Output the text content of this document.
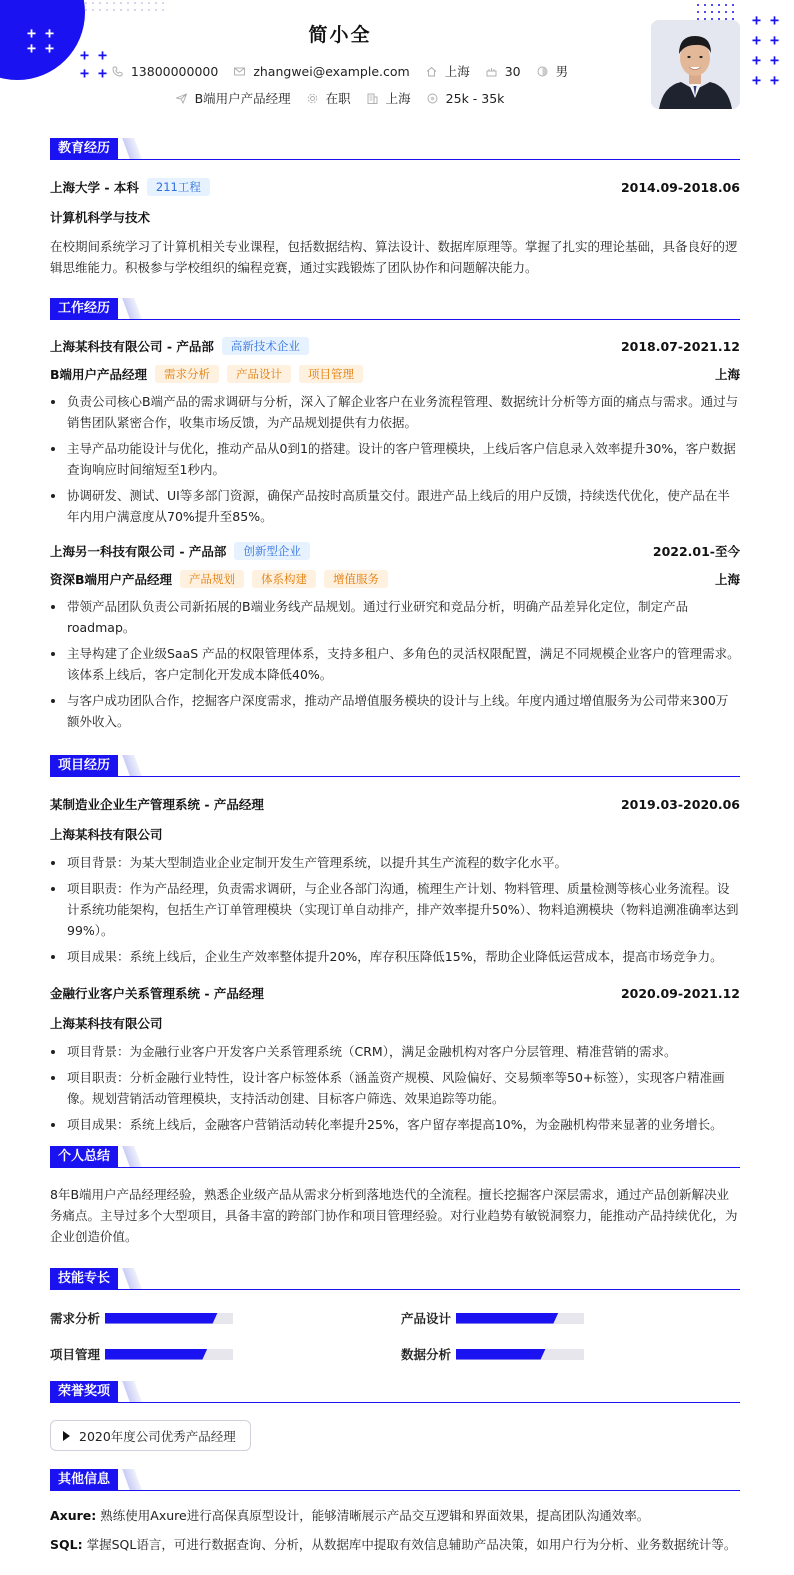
+ +
+ + + +
+ +
+ +
+ +
+ +
+ +
简小全
13800000000	zhangwei@example.com	上海	30	男
B端用户产品经理	在职	上海	25k - 35k
教育经历
上海大学 - 本科	211工程	2014.09-2018.06
计算机科学与技术
在校期间系统学习了计算机相关专业课程，包括数据结构、算法设计、数据库原理等。掌握了扎实的理论基础，具备良好的逻辑思维能力。积极参与学校组织的编程竞赛，通过实践锻炼了团队协作和问题解决能力。
工作经历
上海某科技有限公司 - 产品部	高新技术企业	2018.07-2021.12
B端用户产品经理	需求分析	产品设计	项目管理	上海
负责公司核心B端产品的需求调研与分析，深入了解企业客户在业务流程管理、数据统计分析等方面的痛点与需求。通过与销售团队紧密合作，收集市场反馈，为产品规划提供有力依据。
主导产品功能设计与优化，推动产品从0到1的搭建。设计的客户管理模块，上线后客户信息录入效率提升30%，客户数据查询响应时间缩短至1秒内。
协调研发、测试、UI等多部门资源，确保产品按时高质量交付。跟进产品上线后的用户反馈，持续迭代优化，使产品在半年内用户满意度从70%提升至85%。
上海另一科技有限公司 - 产品部	创新型企业	2022.01-至今
资深B端用户产品经理	产品规划	体系构建	增值服务	上海
带领产品团队负责公司新拓展的B端业务线产品规划。通过行业研究和竞品分析，明确产品差异化定位，制定产品 roadmap。
主导构建了企业级SaaS 产品的权限管理体系，支持多租户、多角色的灵活权限配置，满足不同规模企业客户的管理需求。该体系上线后，客户定制化开发成本降低40%。
与客户成功团队合作，挖掘客户深度需求，推动产品增值服务模块的设计与上线。年度内通过增值服务为公司带来300万额外收入。
项目经历
某制造业企业生产管理系统 - 产品经理	2019.03-2020.06
上海某科技有限公司
项目背景：为某大型制造业企业定制开发生产管理系统，以提升其生产流程的数字化水平。
项目职责：作为产品经理，负责需求调研，与企业各部门沟通，梳理生产计划、物料管理、质量检测等核心业务流程。设计系统功能架构，包括生产订单管理模块（实现订单自动排产，排产效率提升50%）、物料追溯模块（物料追溯准确率达到99%）。
项目成果：系统上线后，企业生产效率整体提升20%，库存积压降低15%，帮助企业降低运营成本，提高市场竞争力。
金融行业客户关系管理系统 - 产品经理	2020.09-2021.12
上海某科技有限公司
项目背景：为金融行业客户开发客户关系管理系统（CRM），满足金融机构对客户分层管理、精准营销的需求。
项目职责：分析金融行业特性，设计客户标签体系（涵盖资产规模、风险偏好、交易频率等50+标签），实现客户精准画像。规划营销活动管理模块，支持活动创建、目标客户筛选、效果追踪等功能。
项目成果：系统上线后，金融客户营销活动转化率提升25%，客户留存率提高10%，为金融机构带来显著的业务增长。
个人总结
8年B端用户产品经理经验，熟悉企业级产品从需求分析到落地迭代的全流程。擅长挖掘客户深层需求，通过产品创新解决业务痛点。主导过多个大型项目，具备丰富的跨部门协作和项目管理经验。对行业趋势有敏锐洞察力，能推动产品持续优化，为企业创造价值。
技能专长
需求分析	产品设计
项目管理	数据分析
荣誉奖项
2020年度公司优秀产品经理
其他信息
Axure: 熟练使用Axure进行高保真原型设计，能够清晰展示产品交互逻辑和界面效果，提高团队沟通效率。
SQL: 掌握SQL语言，可进行数据查询、分析，从数据库中提取有效信息辅助产品决策，如用户行为分析、业务数据统计等。
